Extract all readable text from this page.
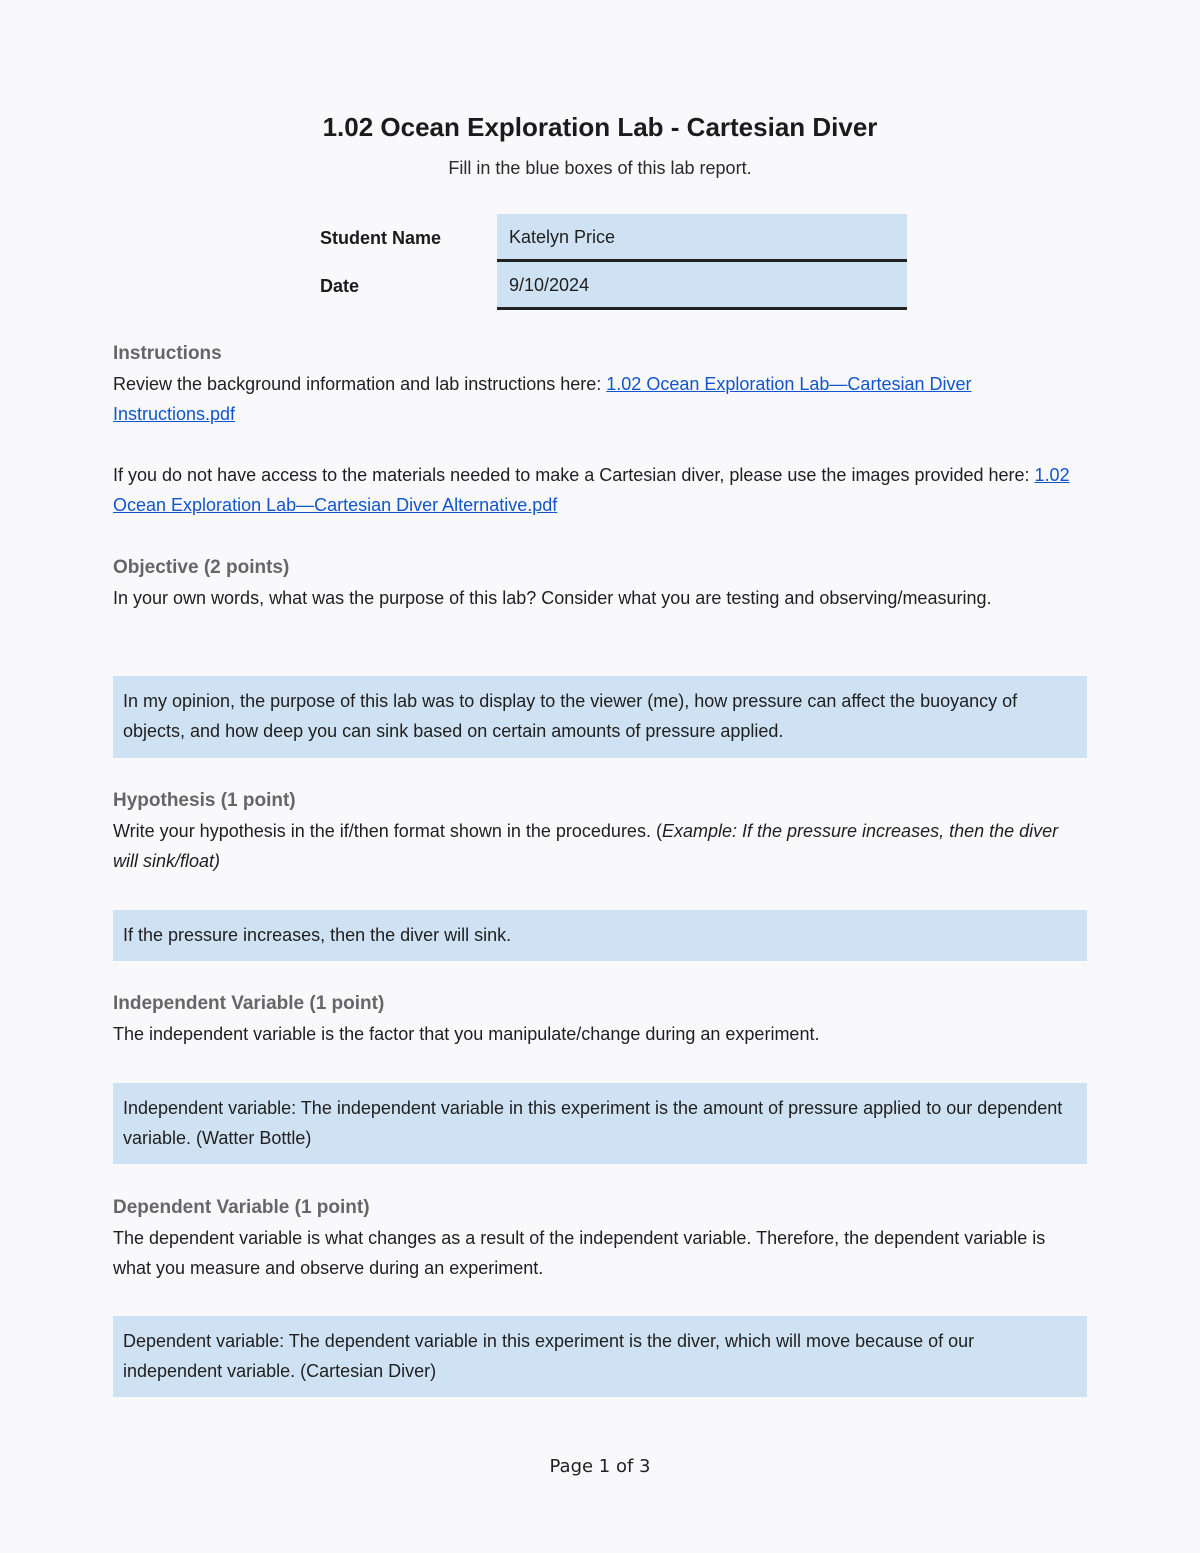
1.02 Ocean Exploration Lab - Cartesian Diver
Fill in the blue boxes of this lab report.
Student Name	Katelyn Price
Date	9/10/2024
Instructions
Review the background information and lab instructions here: 1.02 Ocean Exploration Lab—Cartesian Diver Instructions.pdf
If you do not have access to the materials needed to make a Cartesian diver, please use the images provided here: 1.02 Ocean Exploration Lab—Cartesian Diver Alternative.pdf
Objective (2 points)
In your own words, what was the purpose of this lab? Consider what you are testing and observing/measuring.
In my opinion, the purpose of this lab was to display to the viewer (me), how pressure can affect the buoyancy of objects, and how deep you can sink based on certain amounts of pressure applied.
Hypothesis (1 point)
Write your hypothesis in the if/then format shown in the procedures. (Example: If the pressure increases, then the diver will sink/float)
If the pressure increases, then the diver will sink.
Independent Variable (1 point)
The independent variable is the factor that you manipulate/change during an experiment.
Independent variable: The independent variable in this experiment is the amount of pressure applied to our dependent variable. (Watter Bottle)
Dependent Variable (1 point)
The dependent variable is what changes as a result of the independent variable. Therefore, the dependent variable is what you measure and observe during an experiment.
Dependent variable: The dependent variable in this experiment is the diver, which will move because of our independent variable. (Cartesian Diver)
Page 1 of 3
